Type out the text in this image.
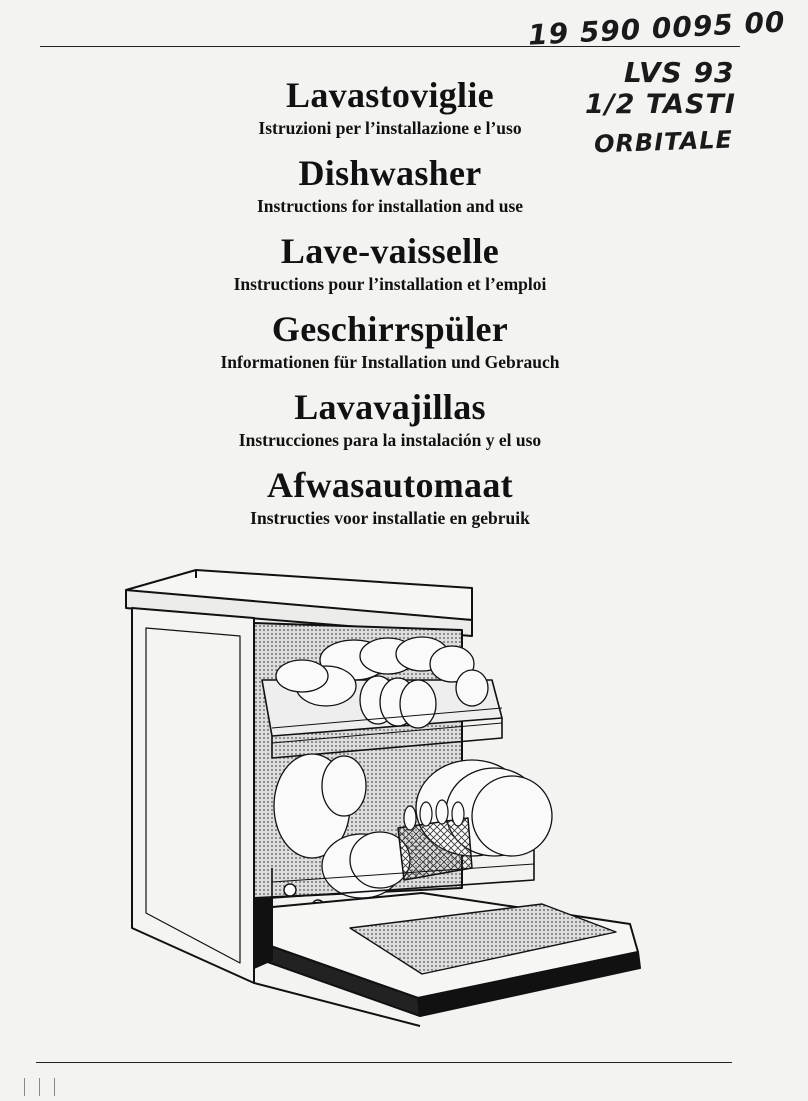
19 590 0095 00
LVS 93
1/2 TASTI
ORBITALE
Lavastoviglie

Istruzioni per l’installazione e l’uso

Dishwasher

Instructions for installation and use

Lave-vaisselle

Instructions pour l’installation et l’emploi

Geschirrspüler

Informationen für Installation und Gebrauch

Lavavajillas

Instrucciones para la instalación y el uso

Afwasautomaat

Instructies voor installatie en gebruik
